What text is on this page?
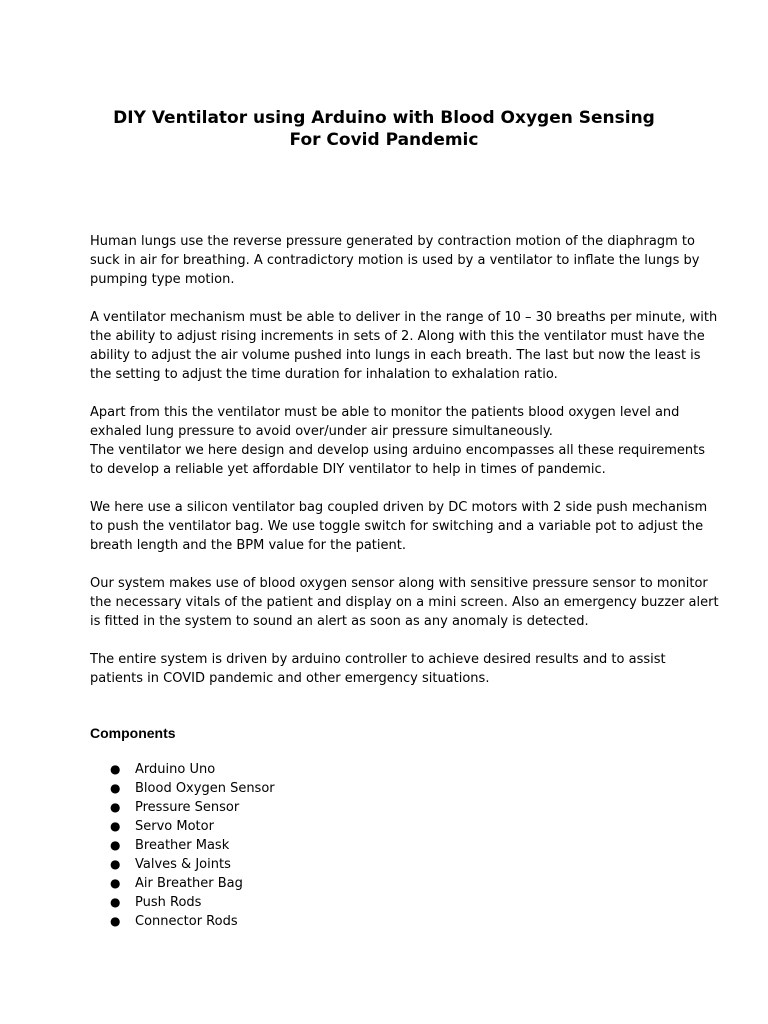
DIY Ventilator using Arduino with Blood Oxygen Sensing
For Covid Pandemic

Human lungs use the reverse pressure generated by contraction motion of the diaphragm to
suck in air for breathing. A contradictory motion is used by a ventilator to inflate the lungs by
pumping type motion.

A ventilator mechanism must be able to deliver in the range of 10 – 30 breaths per minute, with
the ability to adjust rising increments in sets of 2. Along with this the ventilator must have the
ability to adjust the air volume pushed into lungs in each breath. The last but now the least is
the setting to adjust the time duration for inhalation to exhalation ratio.

Apart from this the ventilator must be able to monitor the patients blood oxygen level and
exhaled lung pressure to avoid over/under air pressure simultaneously.
The ventilator we here design and develop using arduino encompasses all these requirements
to develop a reliable yet affordable DIY ventilator to help in times of pandemic.

We here use a silicon ventilator bag coupled driven by DC motors with 2 side push mechanism
to push the ventilator bag. We use toggle switch for switching and a variable pot to adjust the
breath length and the BPM value for the patient.

Our system makes use of blood oxygen sensor along with sensitive pressure sensor to monitor
the necessary vitals of the patient and display on a mini screen. Also an emergency buzzer alert
is fitted in the system to sound an alert as soon as any anomaly is detected.

The entire system is driven by arduino controller to achieve desired results and to assist
patients in COVID pandemic and other emergency situations.

Components
● Arduino Uno
● Blood Oxygen Sensor
● Pressure Sensor
● Servo Motor
● Breather Mask
● Valves & Joints
● Air Breather Bag
● Push Rods
● Connector Rods
